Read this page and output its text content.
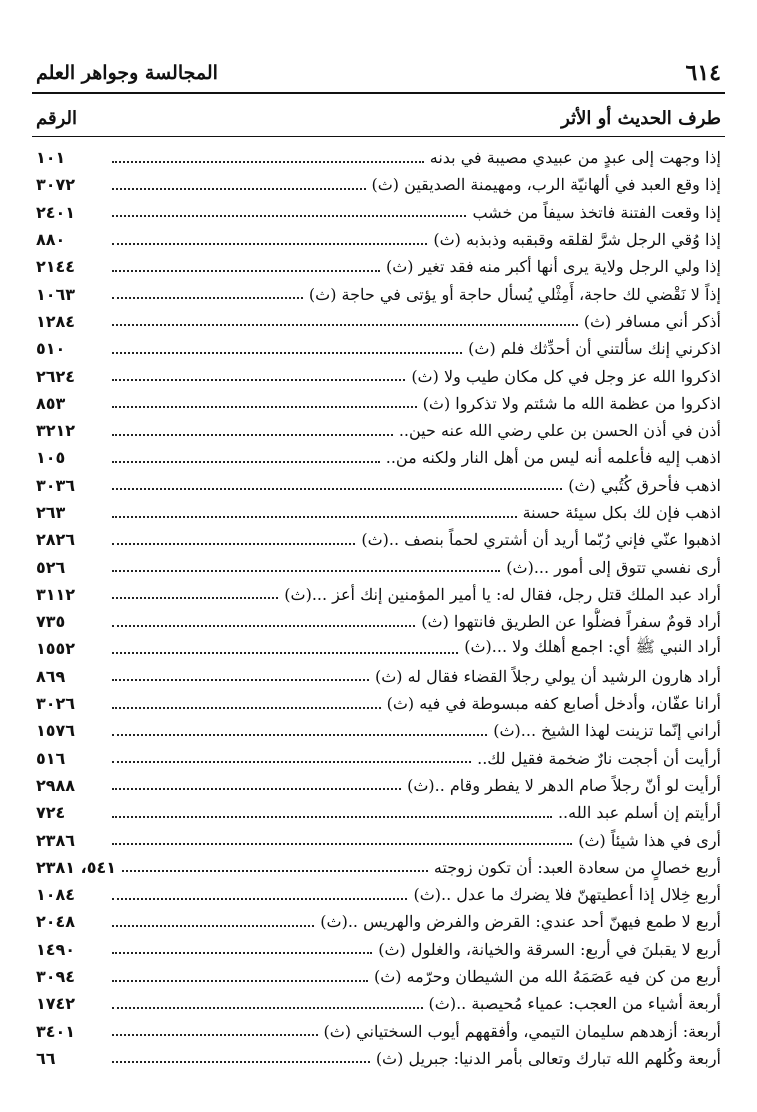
٦١٤
المجالسة وجواهر العلم
طرف الحديث أو الأثر
الرقم
إذا وجهت إلى عبدٍ من عبيدي مصيبة في بدنه
١٠١
إذا وقع العبد في ألهانيّة الرب، ومهيمنة الصديقين (ث)
٣٠٧٢
إذا وقعت الفتنة فاتخذ سيفاً من خشب
٢٤٠١
إذا وُقي الرجل شرَّ لقلقه وقبقبه وذبذبه (ث)
٨٨٠
إذا ولي الرجل ولاية يرى أنها أكبر منه فقد تغير (ث)
٢١٤٤
إذاً لا نَقْضي لك حاجة، أَمِثْلي يُسأل حاجة أو يؤتى في حاجة (ث)
١٠٦٣
أذكر أني مسافر (ث)
١٢٨٤
اذكرني إنك سألتني أن أحدِّثك فلم (ث)
٥١٠
اذكروا الله عز وجل في كل مكان طيب ولا (ث)
٢٦٢٤
اذكروا من عظمة الله ما شئتم ولا تذكروا (ث)
٨٥٣
أذن في أذن الحسن بن علي رضي الله عنه حين..
٣٢١٢
اذهب إليه فأعلمه أنه ليس من أهل النار ولكنه من..
١٠٥
اذهب فأحرق كُتُبي (ث)
٣٠٣٦
اذهب فإن لك بكل سيئة حسنة
٢٦٣
اذهبوا عنّي فإني رُبّما أريد أن أشتري لحماً بنصف ..(ث)
٢٨٢٦
أرى نفسي تتوق إلى أمور ...(ث)
٥٢٦
أراد عبد الملك قتل رجل، فقال له: يا أمير المؤمنين إنك أعز ...(ث)
٣١١٢
أراد قومٌ سفراً فضلُّوا عن الطريق فانتهوا (ث)
٧٣٥
أراد النبي ﷺ أي: اجمع أهلك ولا ...(ث)
١٥٥٢
أراد هارون الرشيد أن يولي رجلاً القضاء فقال له (ث)
٨٦٩
أرانا عفّان، وأدخل أصابع كفه مبسوطة في فيه (ث)
٣٠٢٦
أراني إنّما تزينت لهذا الشيخ ...(ث)
١٥٧٦
أرأيت أن أججت نارٌ ضخمة فقيل لك..
٥١٦
أرأيت لو أنّ رجلاً صام الدهر لا يفطر وقام ..(ث)
٢٩٨٨
أرأيتم إن أسلم عبد الله..
٧٢٤
أرى في هذا شيئاً (ث)
٢٣٨٦
أربع خصالٍ من سعادة العبد: أن تكون زوجته
٥٤١، ٢٣٨١
أربع خِلال إذا أعطيتهنّ فلا يضرك ما عدل ..(ث)
١٠٨٤
أربع لا طمع فيهنّ أحد عندي: القرض والفرض والهريس ..(ث)
٢٠٤٨
أربع لا يقبلنَ في أربع: السرقة والخيانة، والغلول (ث)
١٤٩٠
أربع من كن فيه عَصَمَهُ الله من الشيطان وحرّمه (ث)
٣٠٩٤
أربعة أشياء من العجب: عمياء مُحيصبة ..(ث)
١٧٤٢
أربعة: أزهدهم سليمان التيمي، وأفقههم أيوب السختياني (ث)
٣٤٠١
أربعة وكُلهم الله تبارك وتعالى بأمر الدنيا: جبريل (ث)
٦٦
